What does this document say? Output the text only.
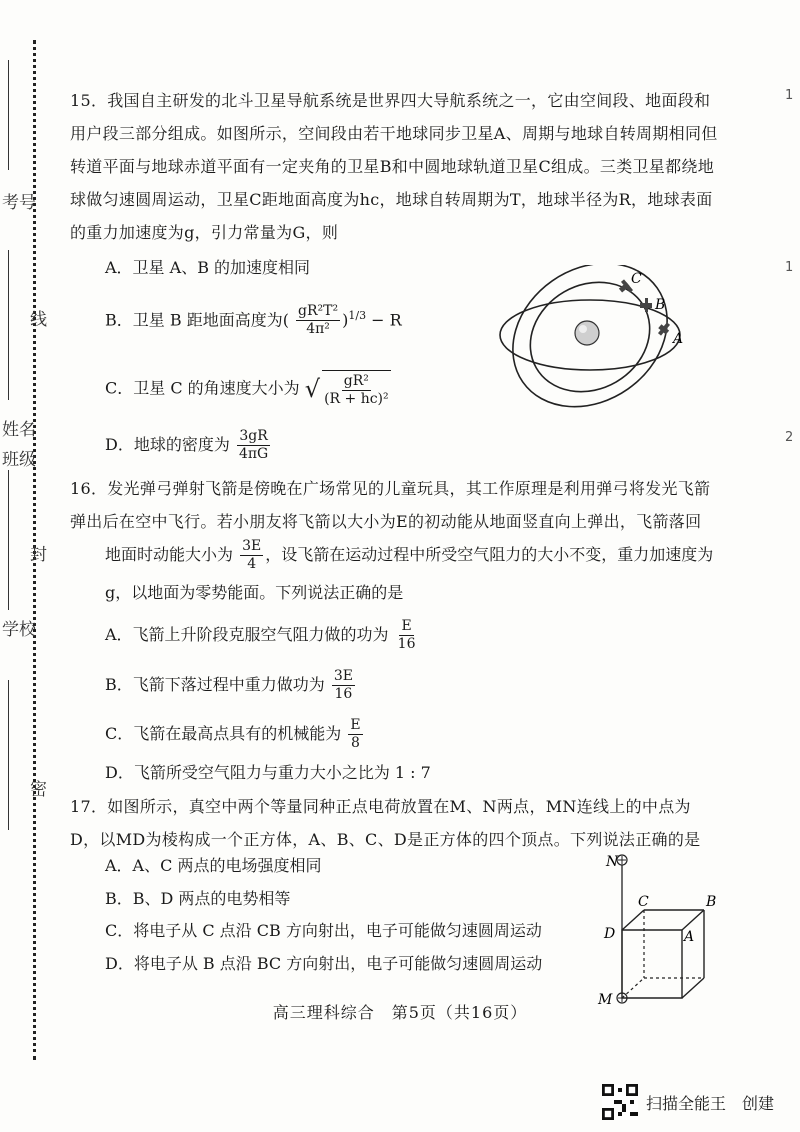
考号
线
姓名
班级
封
学校
密
1
1
2
15．我国自主研发的北斗卫星导航系统是世界四大导航系统之一，它由空间段、地面段和用户段三部分组成。如图所示，空间段由若干地球同步卫星A、周期与地球自转周期相同但转道平面与地球赤道平面有一定夹角的卫星B和中圆地球轨道卫星C组成。三类卫星都绕地球做匀速圆周运动，卫星C距地面高度为hc，地球自转周期为T，地球半径为R，地球表面的重力加速度为g，引力常量为G，则
A．卫星 A、B 的加速度相同
B．卫星 B 距地面高度为( $\frac{\text{gR²T²}}{\text{4π²}} )^{1/3} - R$
C．卫星 C 的角速度大小为 √ $\frac{\text{gR²}}{\text{(R + hc)²}}$
D．地球的密度为 $\frac{3gR}{4\pi G}$
C
B
A
16．发光弹弓弹射飞箭是傍晚在广场常见的儿童玩具，其工作原理是利用弹弓将发光飞箭弹出后在空中飞行。若小朋友将飞箭以大小为E的初动能从地面竖直向上弹出，飞箭落回
地面时动能大小为 $\frac{3E}{4}$ ，设飞箭在运动过程中所受空气阻力的大小不变，重力加速度为
g，以地面为零势能面。下列说法正确的是
A．飞箭上升阶段克服空气阻力做的功为 $\frac{E}{16}$
B．飞箭下落过程中重力做功为 $\frac{3E}{16}$
C．飞箭在最高点具有的机械能为 $\frac{E}{8}$
D．飞箭所受空气阻力与重力大小之比为 1 : 7
17．如图所示，真空中两个等量同种正点电荷放置在M、N两点，MN连线上的中点为D，以MD为棱构成一个正方体，A、B、C、D是正方体的四个顶点。下列说法正确的是
A．A、C 两点的电场强度相同
B．B、D 两点的电势相等
C．将电子从 C 点沿 CB 方向射出，电子可能做匀速圆周运动
D．将电子从 B 点沿 BC 方向射出，电子可能做匀速圆周运动
N
M
C	B
D	A
高三理科综合　第5页（共16页）
扫描全能王　创建
